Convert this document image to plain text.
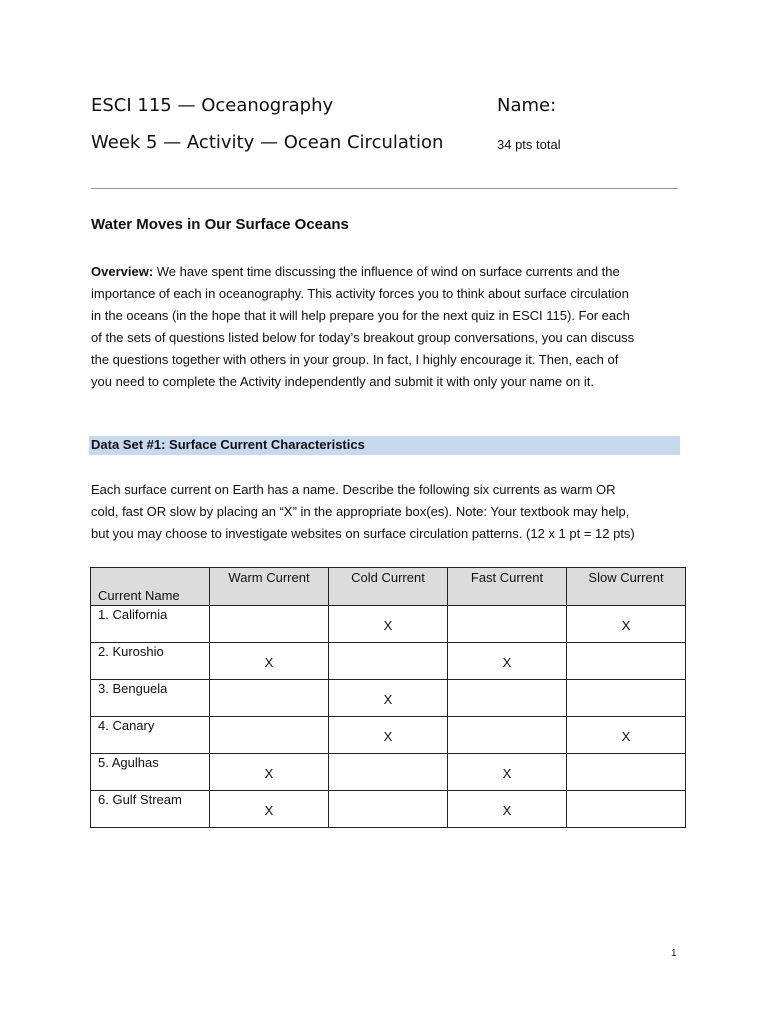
ESCI 115 — Oceanography
Week 5 — Activity — Ocean Circulation
Name:
34 pts total
Water Moves in Our Surface Oceans
Overview: We have spent time discussing the influence of wind on surface currents and the
importance of each in oceanography. This activity forces you to think about surface circulation
in the oceans (in the hope that it will help prepare you for the next quiz in ESCI 115). For each
of the sets of questions listed below for today’s breakout group conversations, you can discuss
the questions together with others in your group. In fact, I highly encourage it. Then, each of
you need to complete the Activity independently and submit it with only your name on it.
Data Set #1: Surface Current Characteristics
Each surface current on Earth has a name. Describe the following six currents as warm OR
cold, fast OR slow by placing an “X” in the appropriate box(es). Note: Your textbook may help,
but you may choose to investigate websites on surface circulation patterns. (12 x 1 pt = 12 pts)
Current Name	Warm Current	Cold Current	Fast Current	Slow Current

1. California		X		X

2. Kuroshio	X		X	

3. Benguela		X		

4. Canary		X		X

5. Agulhas	X		X	

6. Gulf Stream	X		X	

1
